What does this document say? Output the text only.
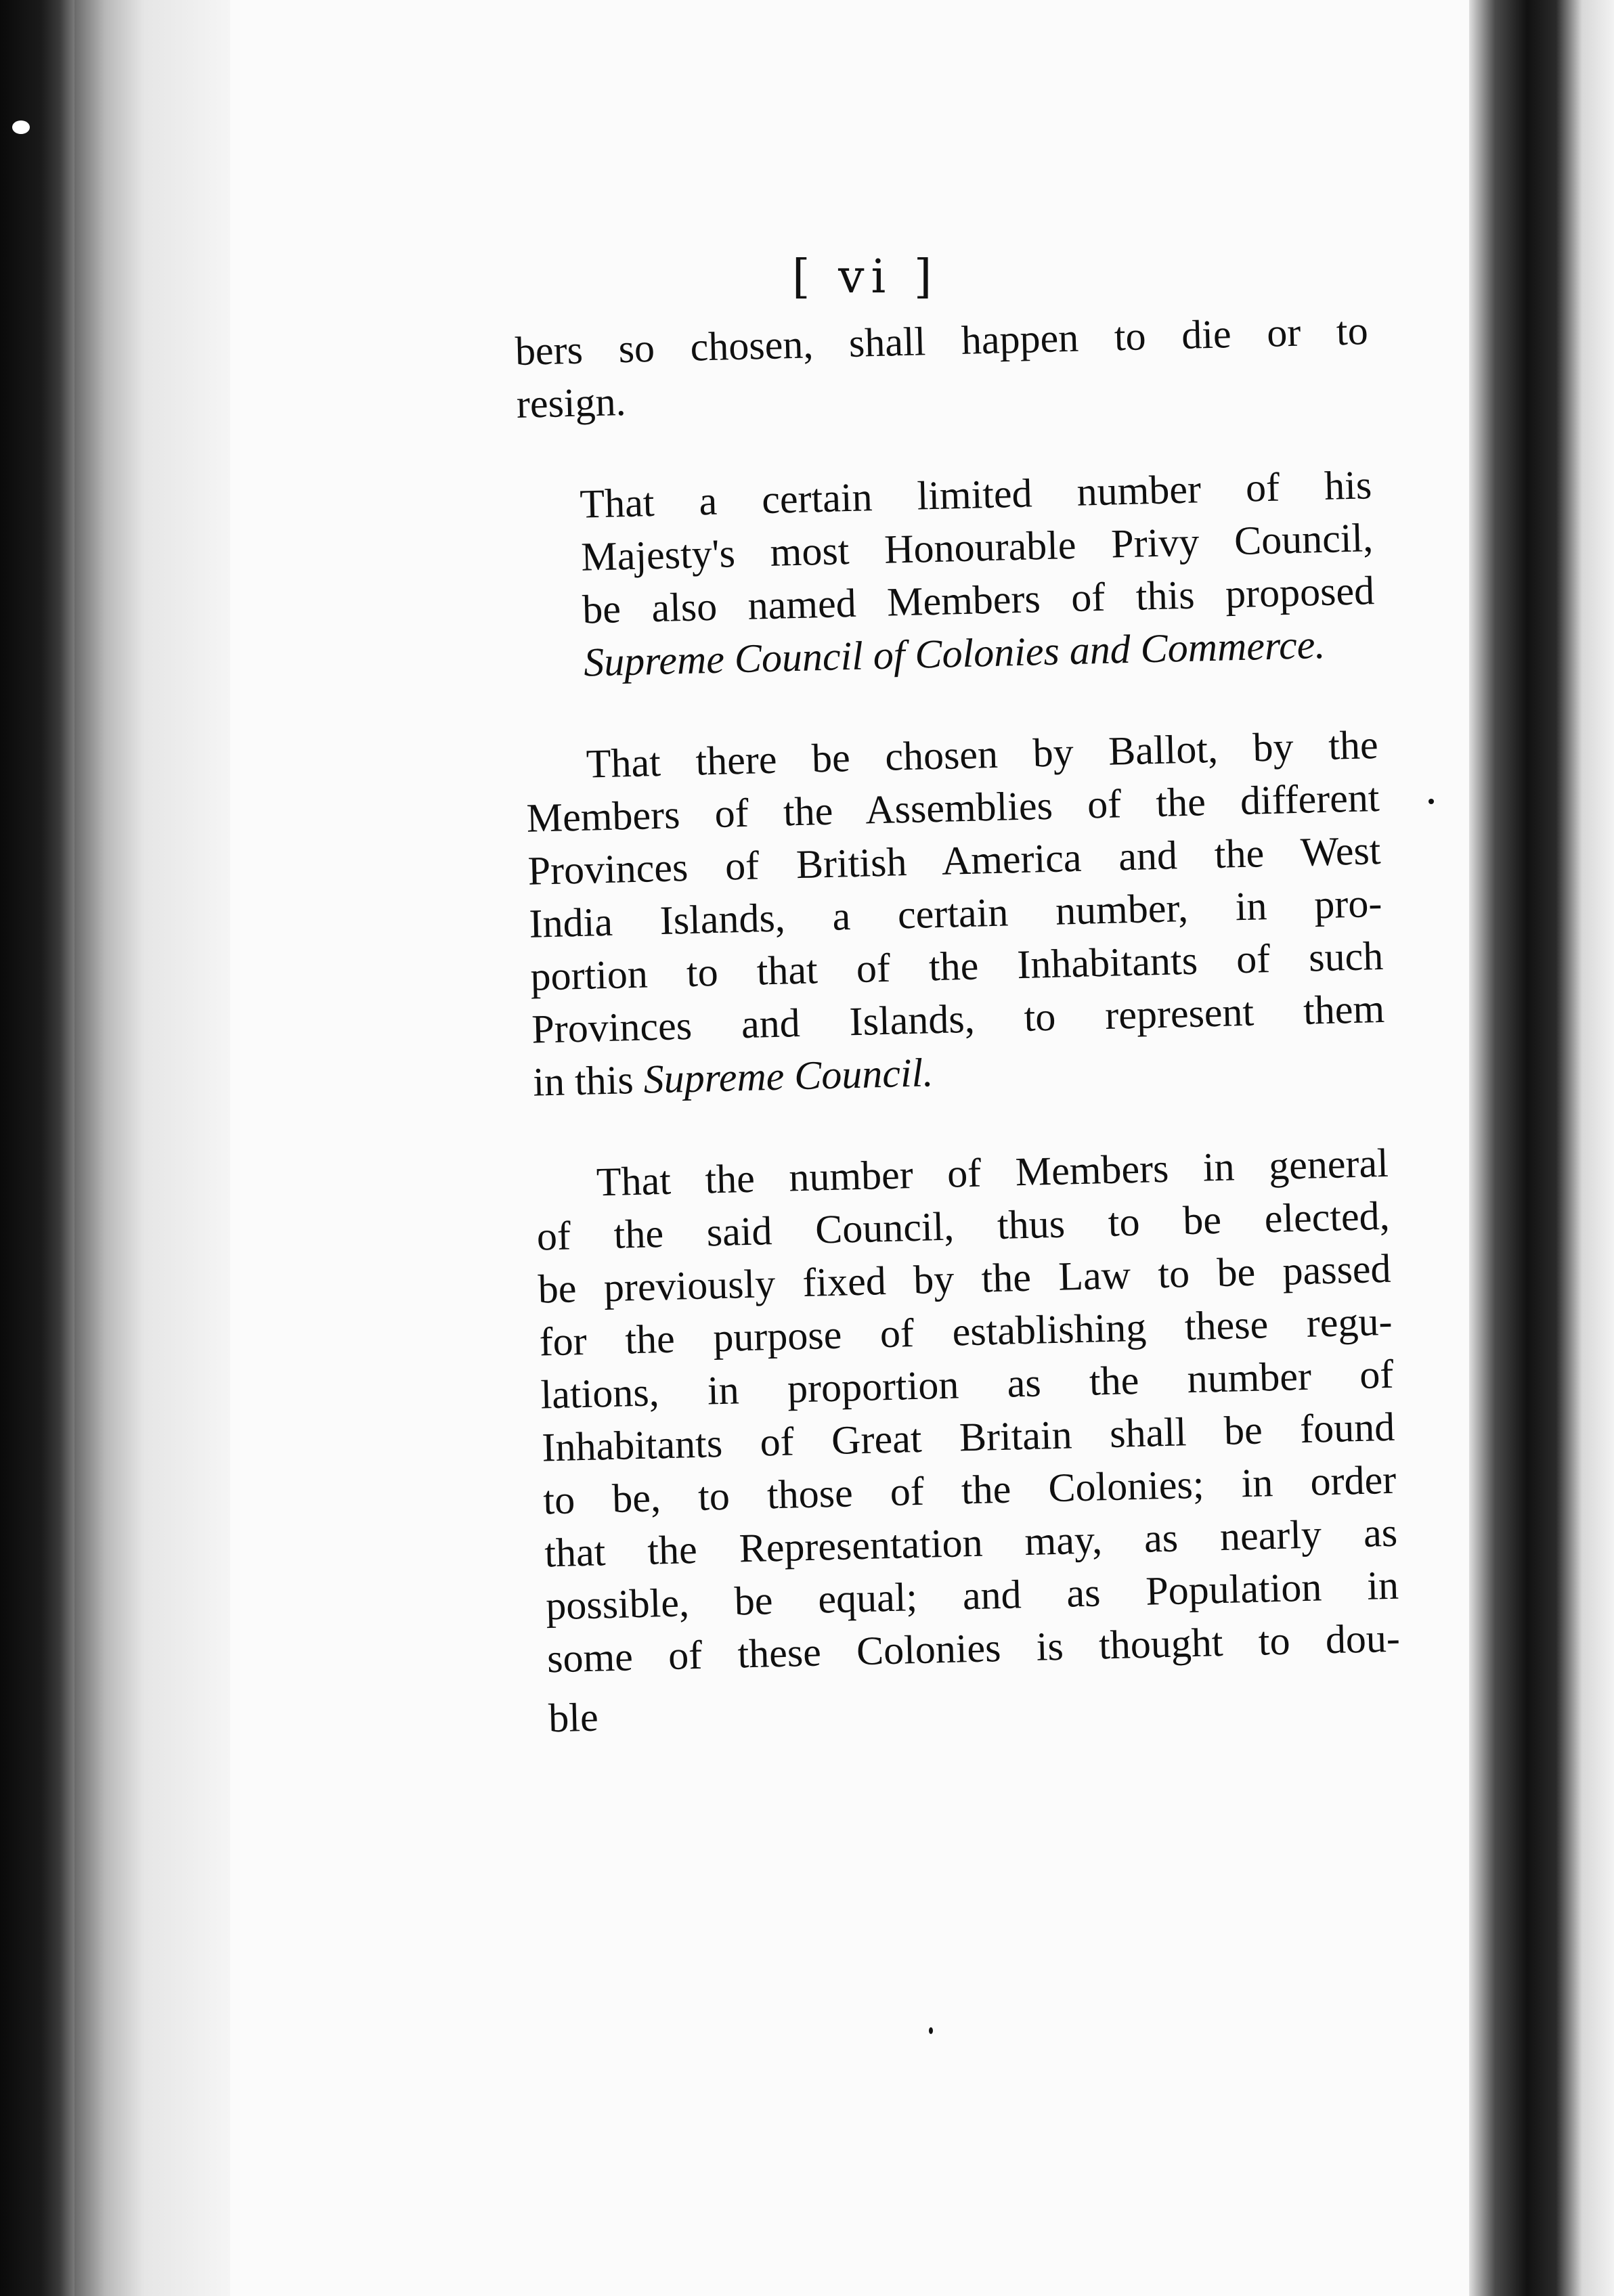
[ vi ]
bers so chosen, shall happen to die or to
resign.
That a certain limited number of his
Majesty's most Honourable Privy Council,
be also named Members of this proposed
Supreme Council of Colonies and Commerce.
That there be chosen by Ballot, by the
Members of the Assemblies of the different
Provinces of British America and the West
India Islands, a certain number, in pro-
portion to that of the Inhabitants of such
Provinces and Islands, to represent them
in this Supreme Council.
That the number of Members in general
of the said Council, thus to be elected,
be previously fixed by the Law to be passed
for the purpose of establishing these regu-
lations, in proportion as the number of
Inhabitants of Great Britain shall be found
to be, to those of the Colonies; in order
that the Representation may, as nearly as
possible, be equal; and as Population in
some of these Colonies is thought to dou-
ble
